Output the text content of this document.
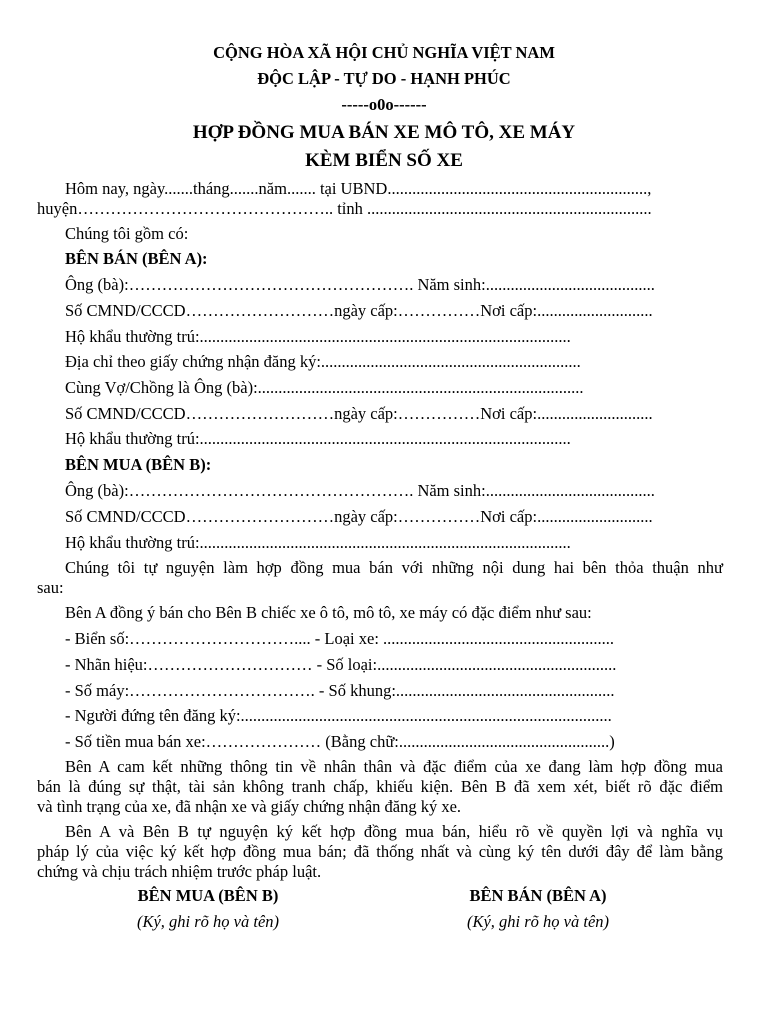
CỘNG HÒA XÃ HỘI CHỦ NGHĨA VIỆT NAM
ĐỘC LẬP - TỰ DO - HẠNH PHÚC
-----o0o------
HỢP ĐỒNG MUA BÁN XE MÔ TÔ, XE MÁY
KÈM BIỂN SỐ XE
Hôm nay, ngày.......tháng.......năm....... tại UBND...............................................................,
huyện……………………………………….. tỉnh .....................................................................
Chúng tôi gồm có:
BÊN BÁN (BÊN A):
Ông (bà):……………………………………………. Năm sinh:.........................................
Số CMND/CCCD………………………ngày cấp:……………Nơi cấp:............................
Hộ khẩu thường trú:..........................................................................................
Địa chỉ theo giấy chứng nhận đăng ký:...............................................................
Cùng Vợ/Chồng là Ông (bà):...............................................................................
Số CMND/CCCD………………………ngày cấp:……………Nơi cấp:............................
Hộ khẩu thường trú:..........................................................................................
BÊN MUA (BÊN B):
Ông (bà):……………………………………………. Năm sinh:.........................................
Số CMND/CCCD………………………ngày cấp:……………Nơi cấp:............................
Hộ khẩu thường trú:..........................................................................................
Chúng tôi tự nguyện làm hợp đồng mua bán với những nội dung hai bên thỏa thuận như
sau:
Bên A đồng ý bán cho Bên B chiếc xe ô tô, mô tô, xe máy có đặc điểm như sau:
- Biển số:………………………….... - Loại xe: ........................................................
- Nhãn hiệu:………………………… - Số loại:..........................................................
- Số máy:……………………………. - Số khung:.....................................................
- Người đứng tên đăng ký:..........................................................................................
- Số tiền mua bán xe:………………… (Bằng chữ:...................................................)
Bên A cam kết những thông tin về nhân thân và đặc điểm của xe đang làm hợp đồng mua
bán là đúng sự thật, tài sản không tranh chấp, khiếu kiện. Bên B đã xem xét, biết rõ đặc điểm
và tình trạng của xe, đã nhận xe và giấy chứng nhận đăng ký xe.
Bên A và Bên B tự nguyện ký kết hợp đồng mua bán, hiểu rõ về quyền lợi và nghĩa vụ
pháp lý của việc ký kết hợp đồng mua bán; đã thống nhất và cùng ký tên dưới đây để làm bằng
chứng và chịu trách nhiệm trước pháp luật.
BÊN MUA (BÊN B)
(Ký, ghi rõ họ và tên)
BÊN BÁN (BÊN A)
(Ký, ghi rõ họ và tên)
